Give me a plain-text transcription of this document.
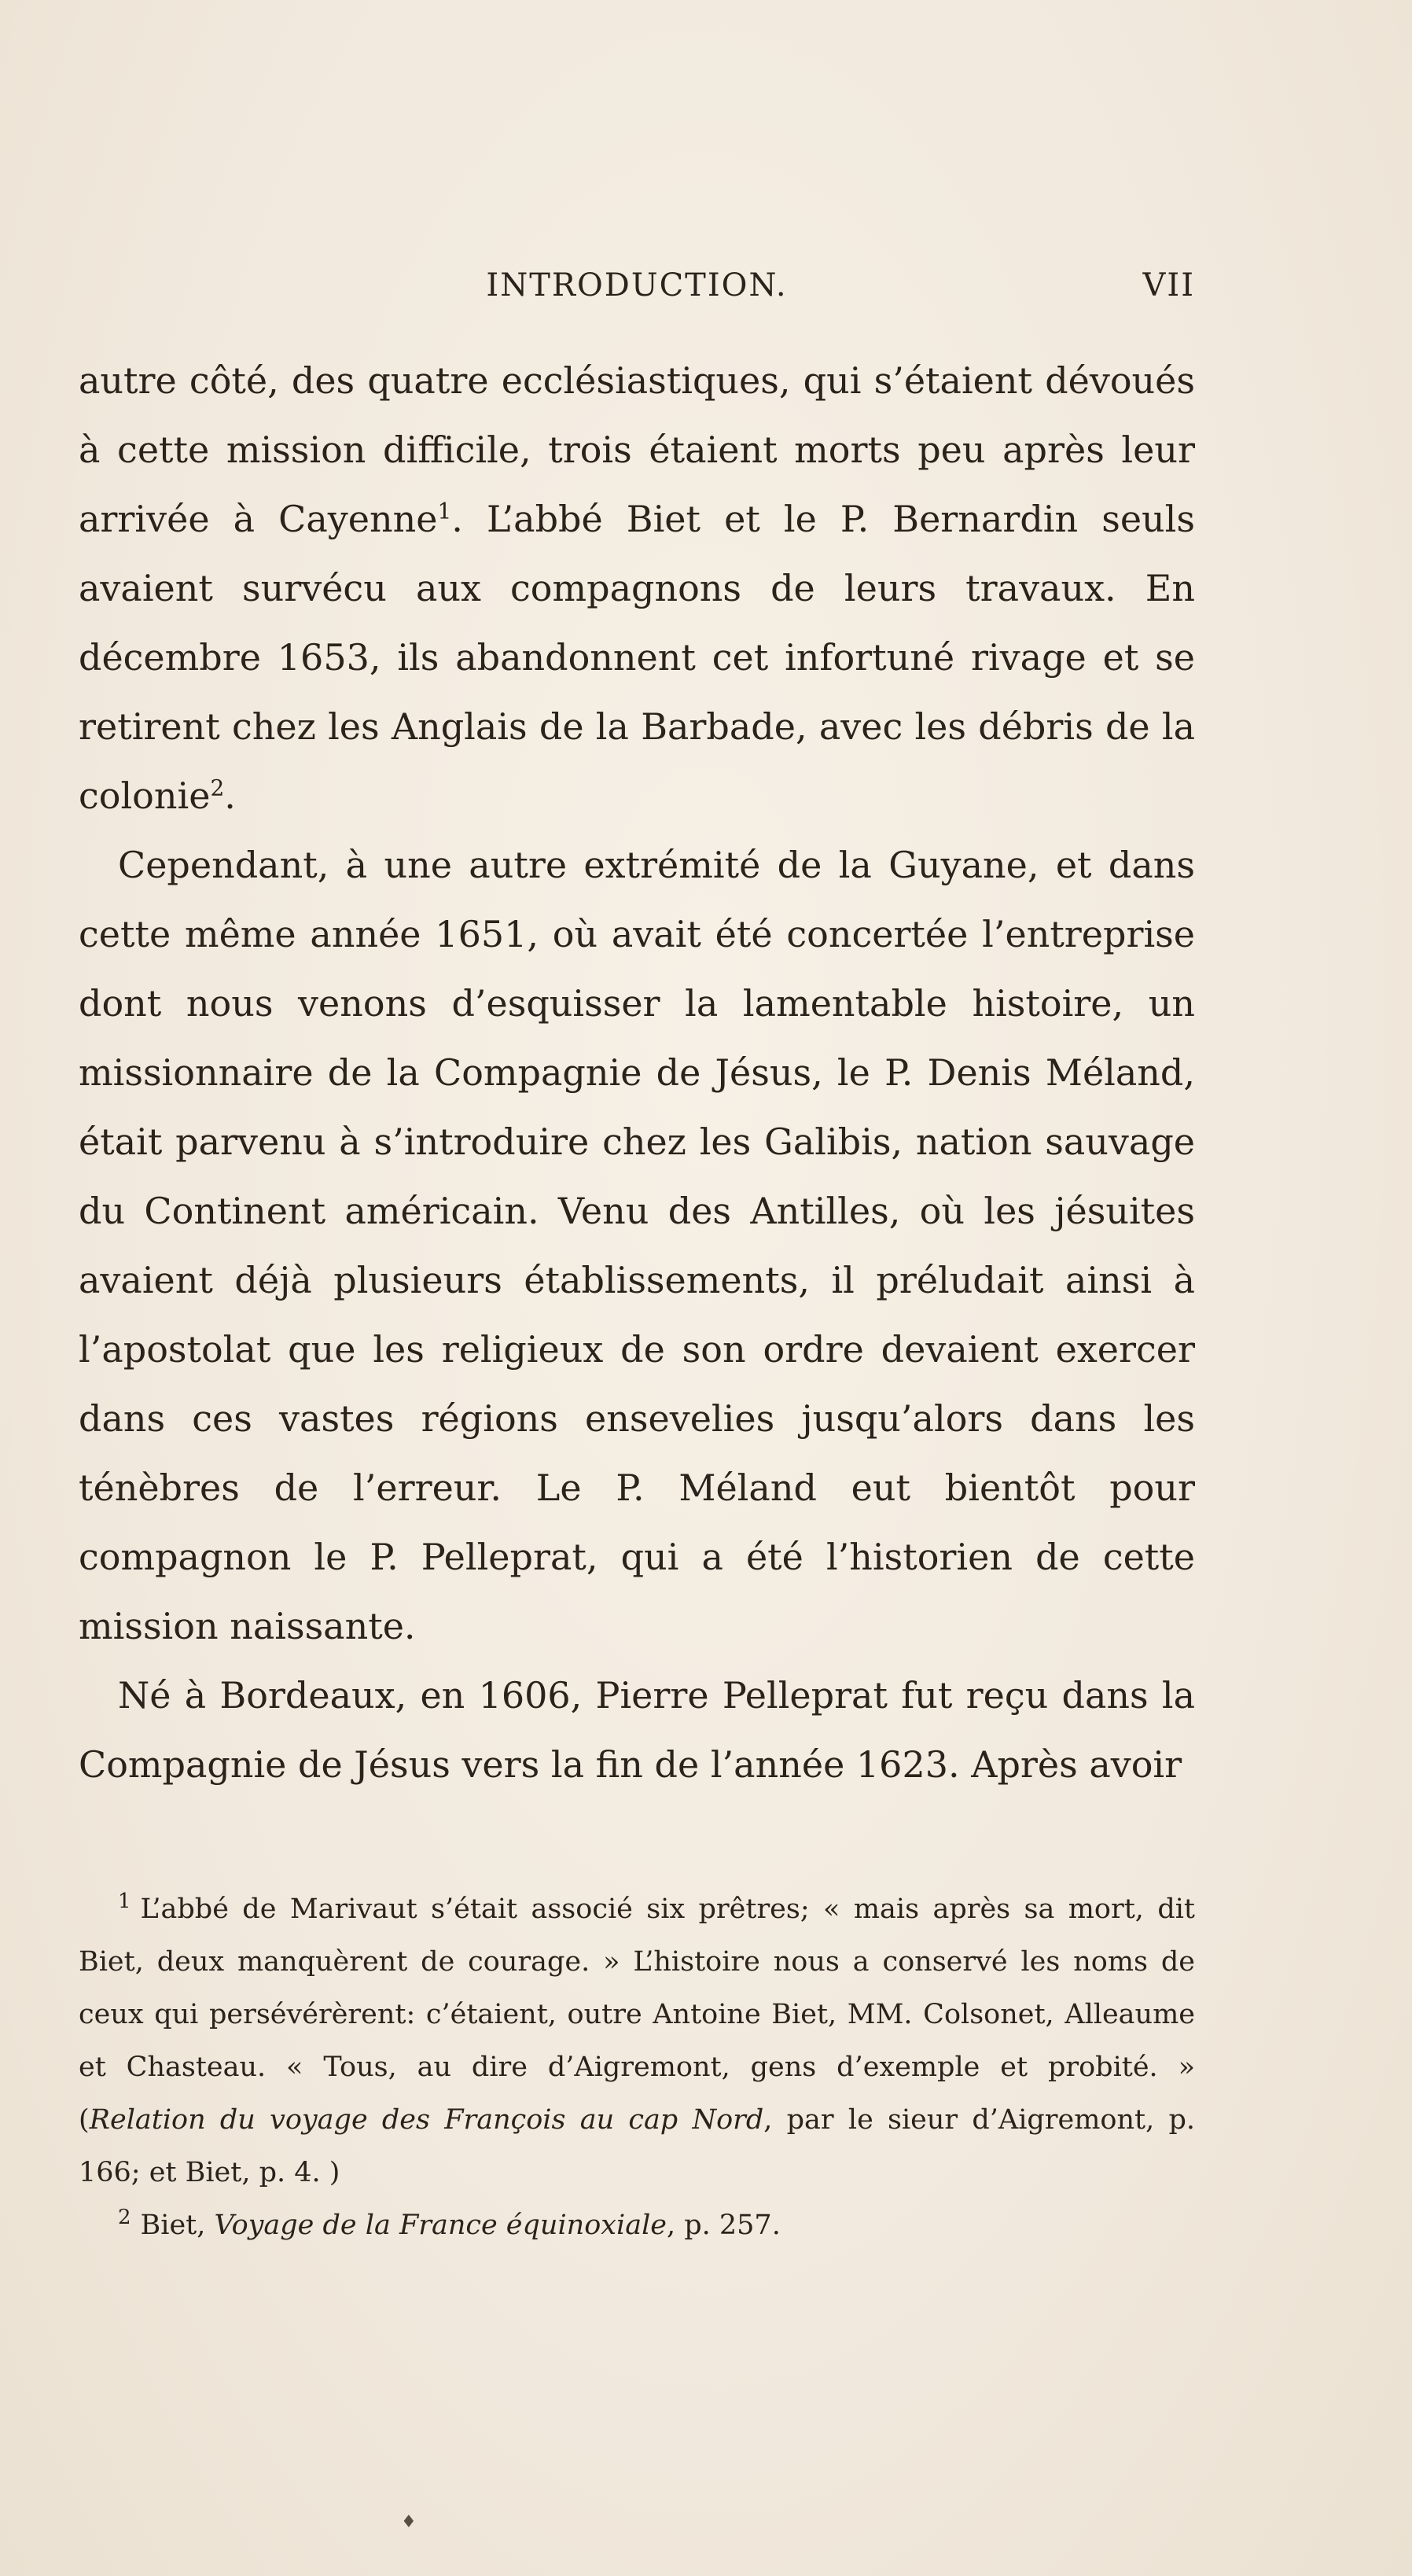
INTRODUCTION.	VII

autre côté, des quatre ecclésiastiques, qui s’étaient dévoués à cette mission difficile, trois étaient morts peu après leur arrivée à Cayenne$^1$. L’abbé Biet et le P. Bernardin seuls avaient survécu aux compagnons de leurs travaux. En décembre 1653, ils abandonnent cet infortuné rivage et se retirent chez les Anglais de la Barbade, avec les débris de la colonie$^2$.

Cependant, à une autre extrémité de la Guyane, et dans cette même année 1651, où avait été concertée l’entreprise dont nous venons d’esquisser la lamentable histoire, un missionnaire de la Compagnie de Jésus, le P. Denis Méland, était parvenu à s’introduire chez les Galibis, nation sauvage du Continent américain. Venu des Antilles, où les jésuites avaient déjà plusieurs établissements, il préludait ainsi à l’apostolat que les religieux de son ordre devaient exercer dans ces vastes régions ensevelies jusqu’alors dans les ténèbres de l’erreur. Le P. Méland eut bientôt pour compagnon le P. Pelleprat, qui a été l’historien de cette mission naissante.

Né à Bordeaux, en 1606, Pierre Pelleprat fut reçu dans la Compagnie de Jésus vers la fin de l’année 1623. Après avoir

$^1$ L’abbé de Marivaut s’était associé six prêtres; « mais après sa mort, dit Biet, deux manquèrent de courage. » L’histoire nous a conservé les noms de ceux qui persévérèrent: c’étaient, outre Antoine Biet, MM. Colsonet, Alleaume et Chasteau. « Tous, au dire d’Aigremont, gens d’exemple et probité. » (Relation du voyage des François au cap Nord, par le sieur d’Aigremont, p. 166; et Biet, p. 4. )

$^2$ Biet, Voyage de la France équinoxiale, p. 257.

♦
